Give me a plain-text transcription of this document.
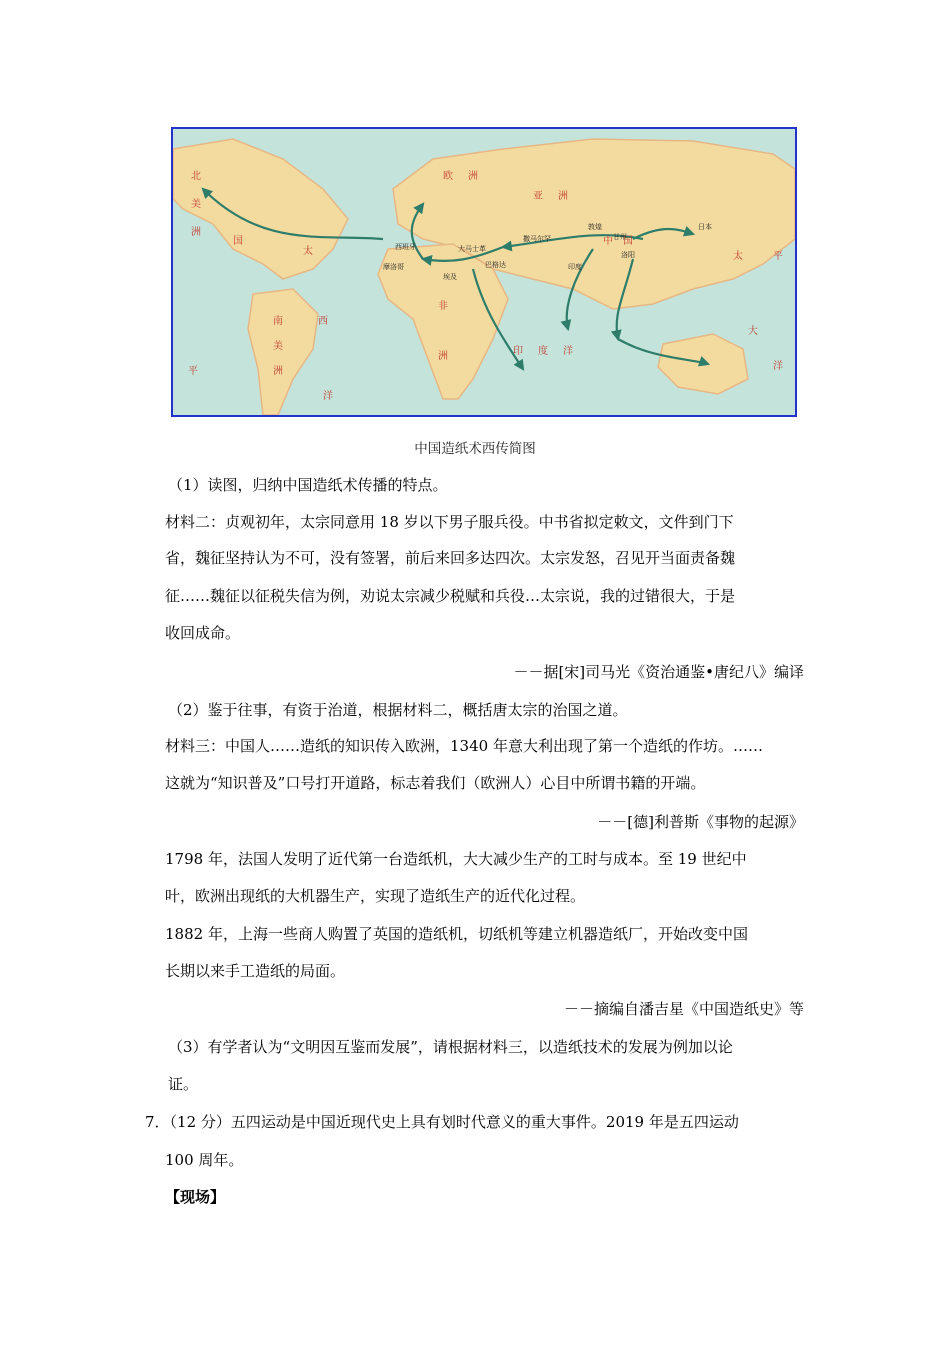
北
美
洲
国
太
西
洋
南
美
洲
平
欧 洲
亚 洲
中 国
非
洲	印 度 洋
太	平
大
洋
西班牙	大马士革
巴格达
撒马尔罕
敦煌
甘州
洛阳
日本
印度
摩洛哥
埃及
中国造纸术西传简图
（1）读图，归纳中国造纸术传播的特点。
材料二：贞观初年，太宗同意用 18 岁以下男子服兵役。中书省拟定敕文，文件到门下
省，魏征坚持认为不可，没有签署，前后来回多达四次。太宗发怒，召见开当面责备魏
征……魏征以征税失信为例，劝说太宗减少税赋和兵役…太宗说，我的过错很大，于是
收回成命。
－－据[宋]司马光《资治通鉴•唐纪八》编译
（2）鉴于往事，有资于治道，根据材料二，概括唐太宗的治国之道。
材料三：中国人……造纸的知识传入欧洲，1340 年意大利出现了第一个造纸的作坊。……
这就为“知识普及”口号打开道路，标志着我们（欧洲人）心目中所谓书籍的开端。
－－[德]利普斯《事物的起源》
1798 年，法国人发明了近代第一台造纸机，大大减少生产的工时与成本。至 19 世纪中
叶，欧洲出现纸的大机器生产，实现了造纸生产的近代化过程。
1882 年，上海一些商人购置了英国的造纸机，切纸机等建立机器造纸厂，开始改变中国
长期以来手工造纸的局面。
－－摘编自潘吉星《中国造纸史》等
（3）有学者认为“文明因互鉴而发展”，请根据材料三，以造纸技术的发展为例加以论
证。
7．（12 分）五四运动是中国近现代史上具有划时代意义的重大事件。2019 年是五四运动
100 周年。
【现场】
